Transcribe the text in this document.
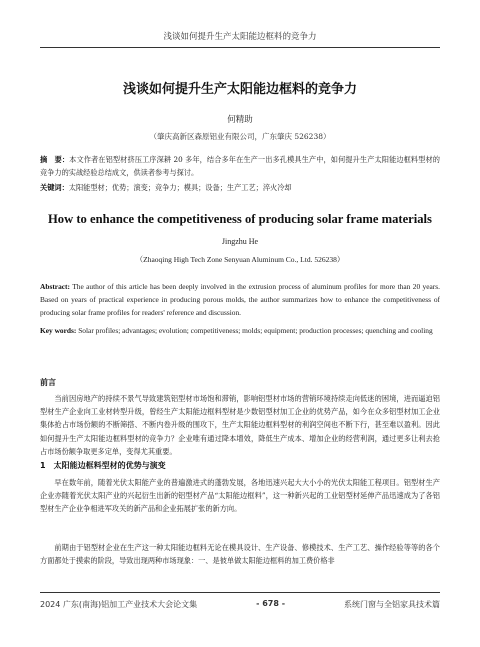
浅谈如何提升生产太阳能边框料的竞争力
浅谈如何提升生产太阳能边框料的竞争力
何精助
（肇庆高新区森原铝业有限公司，广东肇庆 526238）
摘　要：本文作者在铝型材挤压工序深耕 20 多年，结合多年在生产一出多孔模具生产中，如何提升生产太阳能边框料型材的竞争力的实战经验总结成文，供读者参考与探讨。
关键词：太阳能型材；优势；演变；竞争力；模具；设备；生产工艺；淬火冷却
How to enhance the competitiveness of producing solar frame materials
Jingzhu He
（Zhaoqing High Tech Zone Senyuan Aluminum Co., Ltd. 526238）
Abstract: The author of this article has been deeply involved in the extrusion process of aluminum profiles for more than 20 years. Based on years of practical experience in producing porous molds, the author summarizes how to enhance the competitiveness of producing solar frame profiles for readers' reference and discussion.
Key words: Solar profiles; advantages; evolution; competitiveness; molds; equipment; production processes; quenching and cooling
前言
当前因房地产的持续不景气导致建筑铝型材市场饱和滞销，影响铝型材市场的营销环境持续走向低迷的困境，进而逼迫铝型材生产企业向工业材转型升级，曾经生产太阳能边框料型材是少数铝型材加工企业的优势产品，如今在众多铝型材加工企业集体抢占市场份额的不断筛搭、不断内卷升级的围攻下，生产太阳能边框料型材的利润空间也不断下行，甚至难以盈利。因此如何提升生产太阳能边框料型材的竞争力？企业唯有通过降本增效，降低生产成本、增加企业的经营利润，通过更多让利去抢占市场份额争取更多定单，变得尤其重要。
1　太阳能边框料型材的优势与演变
早在数年前，随着光伏太阳能产业的普遍激进式的蓬勃发展，各地迅速兴起大大小小的光伏太阳能工程项目。铝型材生产企业亦随着光伏太阳产业的兴起衍生出新的铝型材产品“太阳能边框料”，这一种新兴起的工业铝型材延伸产品迅速成为了各铝型材生产企业争相进军攻关的新产品和企业拓展扩张的新方向。
前期由于铝型材企业在生产这一种太阳能边框料无论在模具设计、生产设备、修模技术、生产工艺、操作经验等等的各个方面都处于摸索的阶段，导致出现两种市场现象：一、是彼单做太阳能边框料的加工费价格非
2024 广东(南海)铝加工产业技术大会论文集	- 678 -	系统门窗与全铝家具技术篇
